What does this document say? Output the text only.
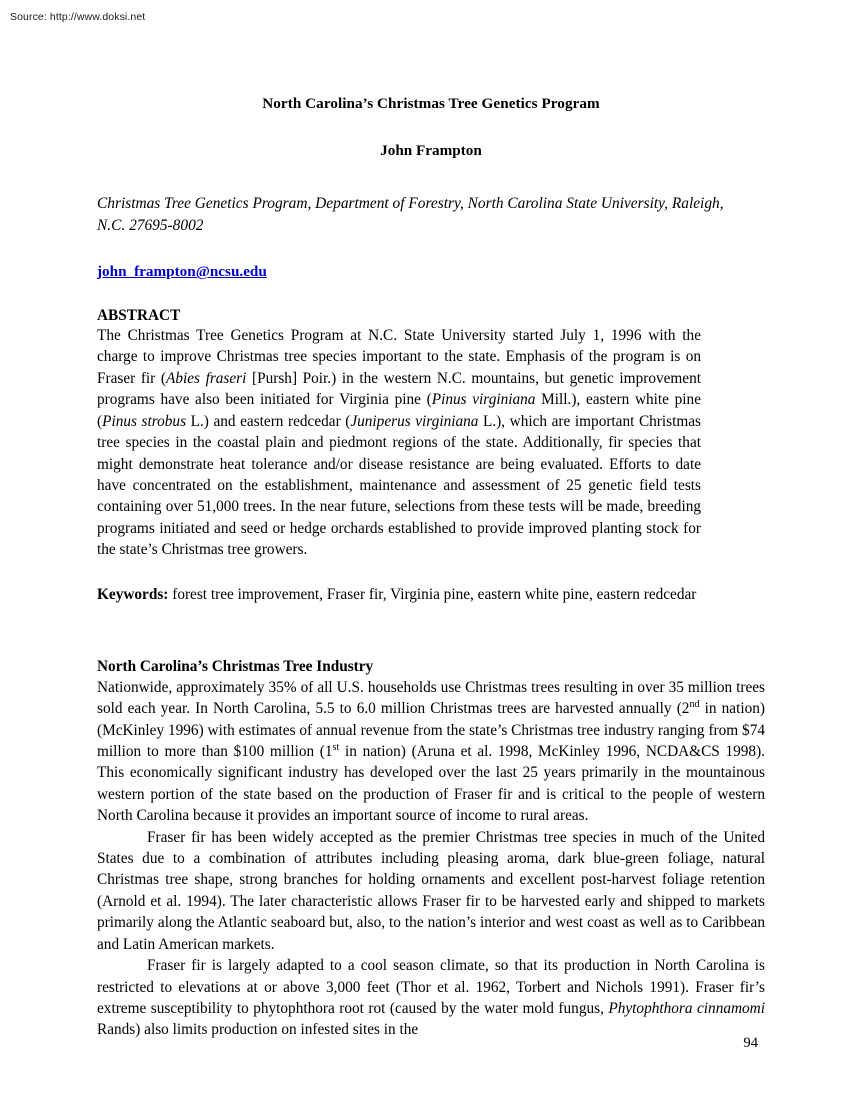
Source: http://www.doksi.net
North Carolina’s Christmas Tree Genetics Program
John Frampton
Christmas Tree Genetics Program, Department of Forestry, North Carolina State University, Raleigh, N.C. 27695-8002
john_frampton@ncsu.edu
ABSTRACT
The Christmas Tree Genetics Program at N.C. State University started July 1, 1996 with the charge to improve Christmas tree species important to the state. Emphasis of the program is on Fraser fir (Abies fraseri [Pursh] Poir.) in the western N.C. mountains, but genetic improvement programs have also been initiated for Virginia pine (Pinus virginiana Mill.), eastern white pine (Pinus strobus L.) and eastern redcedar (Juniperus virginiana L.), which are important Christmas tree species in the coastal plain and piedmont regions of the state. Additionally, fir species that might demonstrate heat tolerance and/or disease resistance are being evaluated. Efforts to date have concentrated on the establishment, maintenance and assessment of 25 genetic field tests containing over 51,000 trees. In the near future, selections from these tests will be made, breeding programs initiated and seed or hedge orchards established to provide improved planting stock for the state’s Christmas tree growers.
Keywords: forest tree improvement, Fraser fir, Virginia pine, eastern white pine, eastern redcedar
North Carolina’s Christmas Tree Industry
Nationwide, approximately 35% of all U.S. households use Christmas trees resulting in over 35 million trees sold each year. In North Carolina, 5.5 to 6.0 million Christmas trees are harvested annually (2nd in nation) (McKinley 1996) with estimates of annual revenue from the state’s Christmas tree industry ranging from $74 million to more than $100 million (1st in nation) (Aruna et al. 1998, McKinley 1996, NCDA&CS 1998). This economically significant industry has developed over the last 25 years primarily in the mountainous western portion of the state based on the production of Fraser fir and is critical to the people of western North Carolina because it provides an important source of income to rural areas.
Fraser fir has been widely accepted as the premier Christmas tree species in much of the United States due to a combination of attributes including pleasing aroma, dark blue-green foliage, natural Christmas tree shape, strong branches for holding ornaments and excellent post-harvest foliage retention (Arnold et al. 1994). The later characteristic allows Fraser fir to be harvested early and shipped to markets primarily along the Atlantic seaboard but, also, to the nation’s interior and west coast as well as to Caribbean and Latin American markets.
Fraser fir is largely adapted to a cool season climate, so that its production in North Carolina is restricted to elevations at or above 3,000 feet (Thor et al. 1962, Torbert and Nichols 1991). Fraser fir’s extreme susceptibility to phytophthora root rot (caused by the water mold fungus, Phytophthora cinnamomi Rands) also limits production on infested sites in the
94
